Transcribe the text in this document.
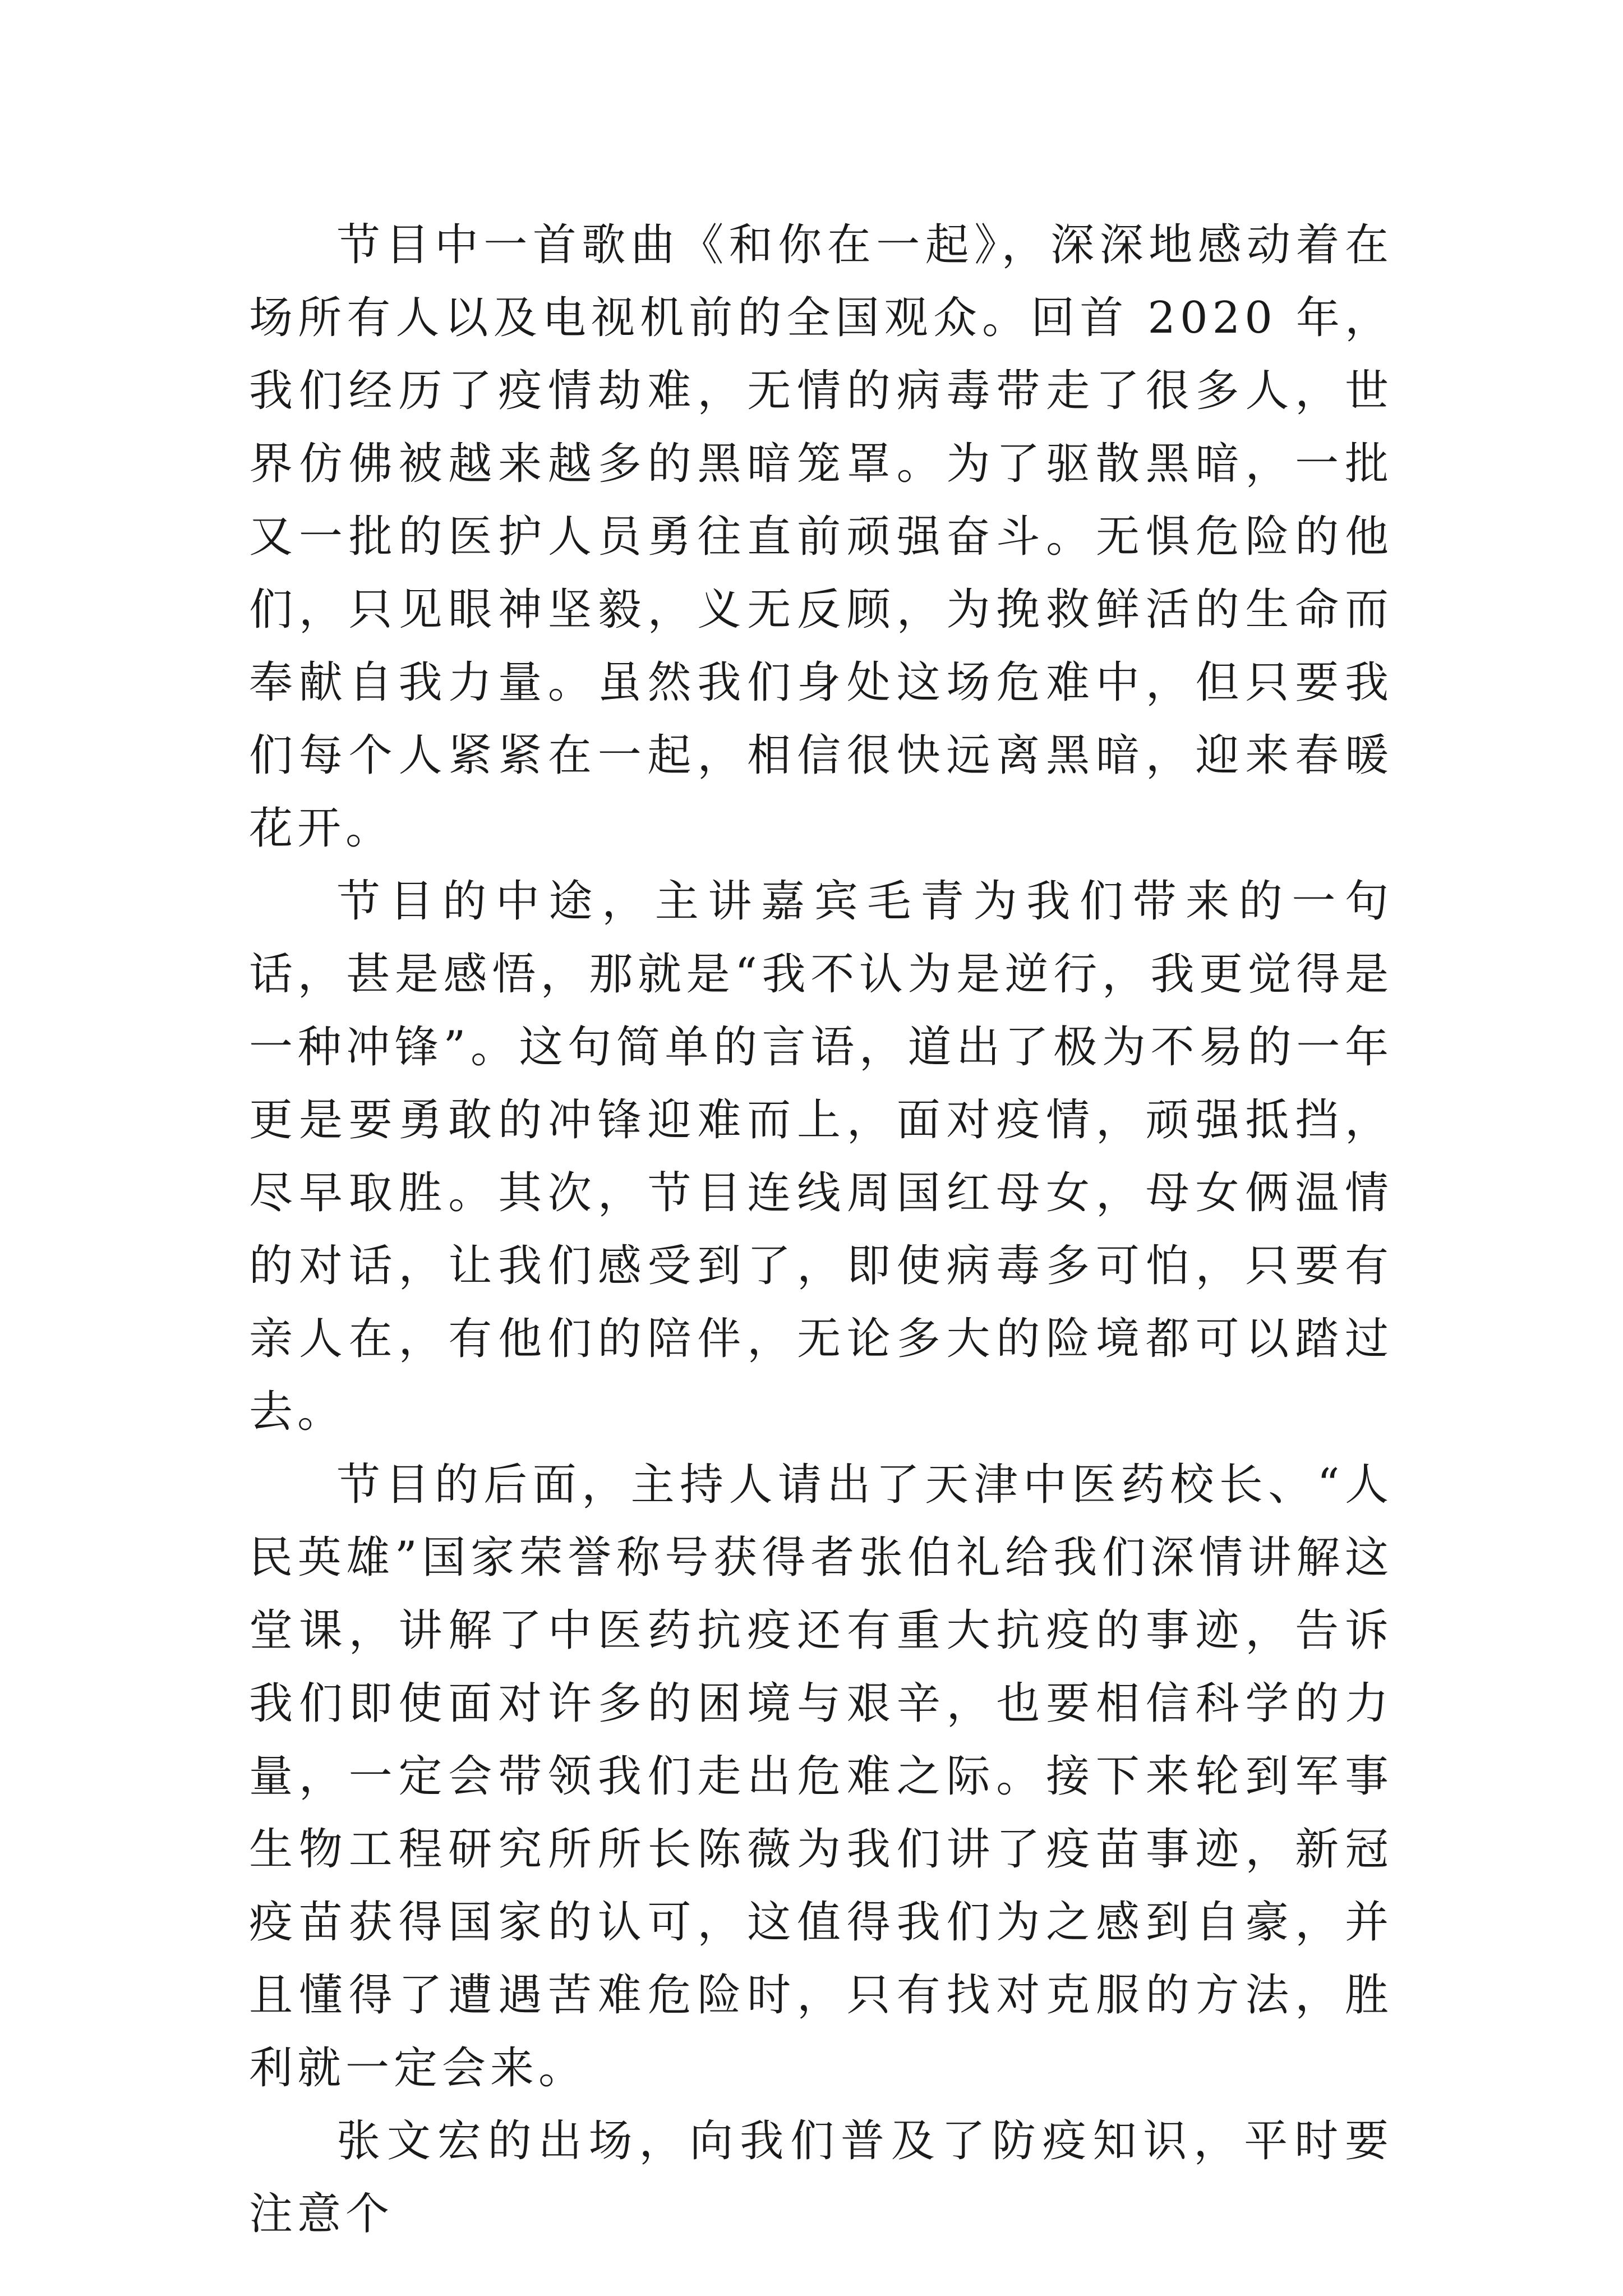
节目中一首歌曲《和你在一起》，深深地感动着在场所有人以及电视机前的全国观众。回首 2020 年，我们经历了疫情劫难，无情的病毒带走了很多人，世界仿佛被越来越多的黑暗笼罩。为了驱散黑暗，一批又一批的医护人员勇往直前顽强奋斗。无惧危险的他们，只见眼神坚毅，义无反顾，为挽救鲜活的生命而奉献自我力量。虽然我们身处这场危难中，但只要我们每个人紧紧在一起，相信很快远离黑暗，迎来春暖花开。

节目的中途，主讲嘉宾毛青为我们带来的一句话，甚是感悟，那就是“我不认为是逆行，我更觉得是一种冲锋”。这句简单的言语，道出了极为不易的一年更是要勇敢的冲锋迎难而上，面对疫情，顽强抵挡，尽早取胜。其次，节目连线周国红母女，母女俩温情的对话，让我们感受到了，即使病毒多可怕，只要有亲人在，有他们的陪伴，无论多大的险境都可以踏过去。

节目的后面，主持人请出了天津中医药校长、“人民英雄”国家荣誉称号获得者张伯礼给我们深情讲解这堂课，讲解了中医药抗疫还有重大抗疫的事迹，告诉我们即使面对许多的困境与艰辛，也要相信科学的力量，一定会带领我们走出危难之际。接下来轮到军事生物工程研究所所长陈薇为我们讲了疫苗事迹，新冠疫苗获得国家的认可，这值得我们为之感到自豪，并且懂得了遭遇苦难危险时，只有找对克服的方法，胜利就一定会来。

张文宏的出场，向我们普及了防疫知识，平时要注意个
